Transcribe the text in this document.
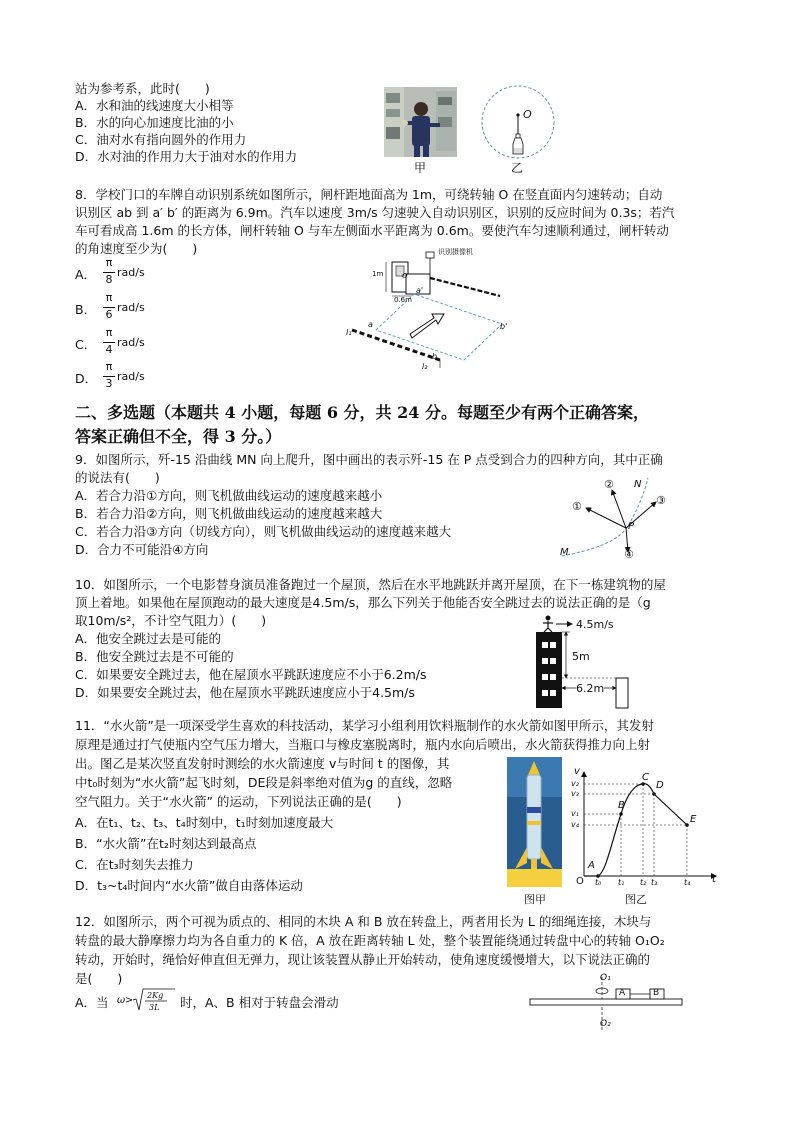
站为参考系，此时(　　)
A．水和油的线速度大小相等
B．水的向心加速度比油的小
C．油对水有指向圆外的作用力
D．水对油的作用力大于油对水的作用力
甲
O
乙
8．学校门口的车牌自动识别系统如图所示，闸杆距地面高为 1m，可绕转轴 O 在竖直面内匀速转动；自动
识别区 ab 到 a′ b′ 的距离为 6.9m。汽车以速度 3m/s 匀速驶入自动识别区，识别的反应时间为 0.3s；若汽
车可看成高 1.6m 的长方体，闸杆转轴 O 与车左侧面水平距离为 0.6m。要使汽车匀速顺利通过，闸杆转动
的角速度至少为(　　)
A．
π
8
rad/s
B．
π
6
rad/s
C．
π
4
rad/s
D．
π
3
rad/s
识别摄像机
1m
0.6m
O
a
a'
b'
b
l₁
l₂
二、多选题（本题共 4 小题，每题 6 分，共 24 分。每题至少有两个正确答案，
答案正确但不全，得 3 分。）
9．如图所示，歼-15 沿曲线 MN 向上爬升，图中画出的表示歼-15 在 P 点受到合力的四种方向，其中正确
的说法有(　　)
A．若合力沿①方向，则飞机做曲线运动的速度越来越小
B．若合力沿②方向，则飞机做曲线运动的速度越来越大
C．若合力沿③方向（切线方向），则飞机做曲线运动的速度越来越大
D．合力不可能沿④方向
①
②
③
④
N
M
P
10．如图所示，一个电影替身演员准备跑过一个屋顶，然后在水平地跳跃并离开屋顶，在下一栋建筑物的屋
顶上着地。如果他在屋顶跑动的最大速度是4.5m/s，那么下列关于他能否安全跳过去的说法正确的是（g
取10m/s²，不计空气阻力）(　　)
A．他安全跳过去是可能的
B．他安全跳过去是不可能的
C．如果要安全跳过去，他在屋顶水平跳跃速度应不小于6.2m/s
D．如果要安全跳过去，他在屋顶水平跳跃速度应小于4.5m/s
4.5m/s
5m
6.2m
11．“水火箭”是一项深受学生喜欢的科技活动，某学习小组利用饮料瓶制作的水火箭如图甲所示，其发射
原理是通过打气使瓶内空气压力增大，当瓶口与橡皮塞脱离时，瓶内水向后喷出，水火箭获得推力向上射
出。图乙是某次竖直发射时测绘的水火箭速度 v与时间 t 的图像，其
中t₀时刻为“水火箭”起飞时刻，DE段是斜率绝对值为g 的直线，忽略
空气阻力。关于“水火箭” 的运动，下列说法正确的是(　　)
A．在t₁、t₂、t₃、t₄时刻中，t₁时刻加速度最大
B．“水火箭”在t₂时刻达到最高点
C．在t₃时刻失去推力
D．t₃~t₄时间内“水火箭”做自由落体运动
图甲
v
t
O t₀ t₁ t₂ t₃	t₄
v₄
v₁
v₃
v₂
A
B
C
D
E
图乙
12．如图所示，两个可视为质点的、相同的木块 A 和 B 放在转盘上，两者用长为 L 的细绳连接，木块与
转盘的最大静摩擦力均为各自重力的 K 倍，A 放在距离转轴 L 处，整个装置能绕通过转盘中心的转轴 O₁O₂
转动，开始时，绳恰好伸直但无弹力，现让该装置从静止开始转动，使角速度缓慢增大，以下说法正确的
是(　　)
A．当 ω > 2Kg
3L 时，A、B 相对于转盘会滑动
A	B
O₁
O₂
